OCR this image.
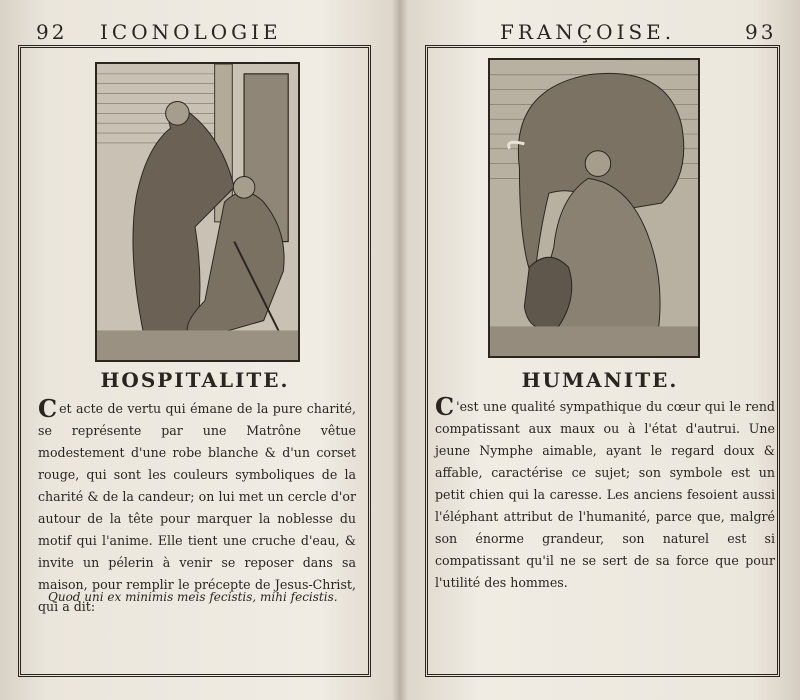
92 ICONOLOGIE
HOSPITALITE.

Cet acte de vertu qui émane de la pure charité, se représente par une Matrône vêtue modestement d'une robe blanche & d'un corset rouge, qui sont les couleurs symboliques de la charité & de la candeur; on lui met un cercle d'or autour de la tête pour marquer la noblesse du motif qui l'anime. Elle tient une cruche d'eau, & invite un pélerin à venir se reposer dans sa maison, pour remplir le précepte de Jesus-Christ, qui a dit:

Quod uni ex minimis meis fecistis, mihi fecistis.
FRANÇOISE.	93
HUMANITE.

C 'est une qualité sympathique du cœur qui le rend compatissant aux maux ou à l'état d'autrui. Une jeune Nymphe aimable, ayant le regard doux & affable, caractérise ce sujet; son symbole est un petit chien qui la caresse. Les anciens fesoient aussi l'éléphant attribut de l'humanité, parce que, malgré son énorme grandeur, son naturel est si compatissant qu'il ne se sert de sa force que pour l'utilité des hommes.
